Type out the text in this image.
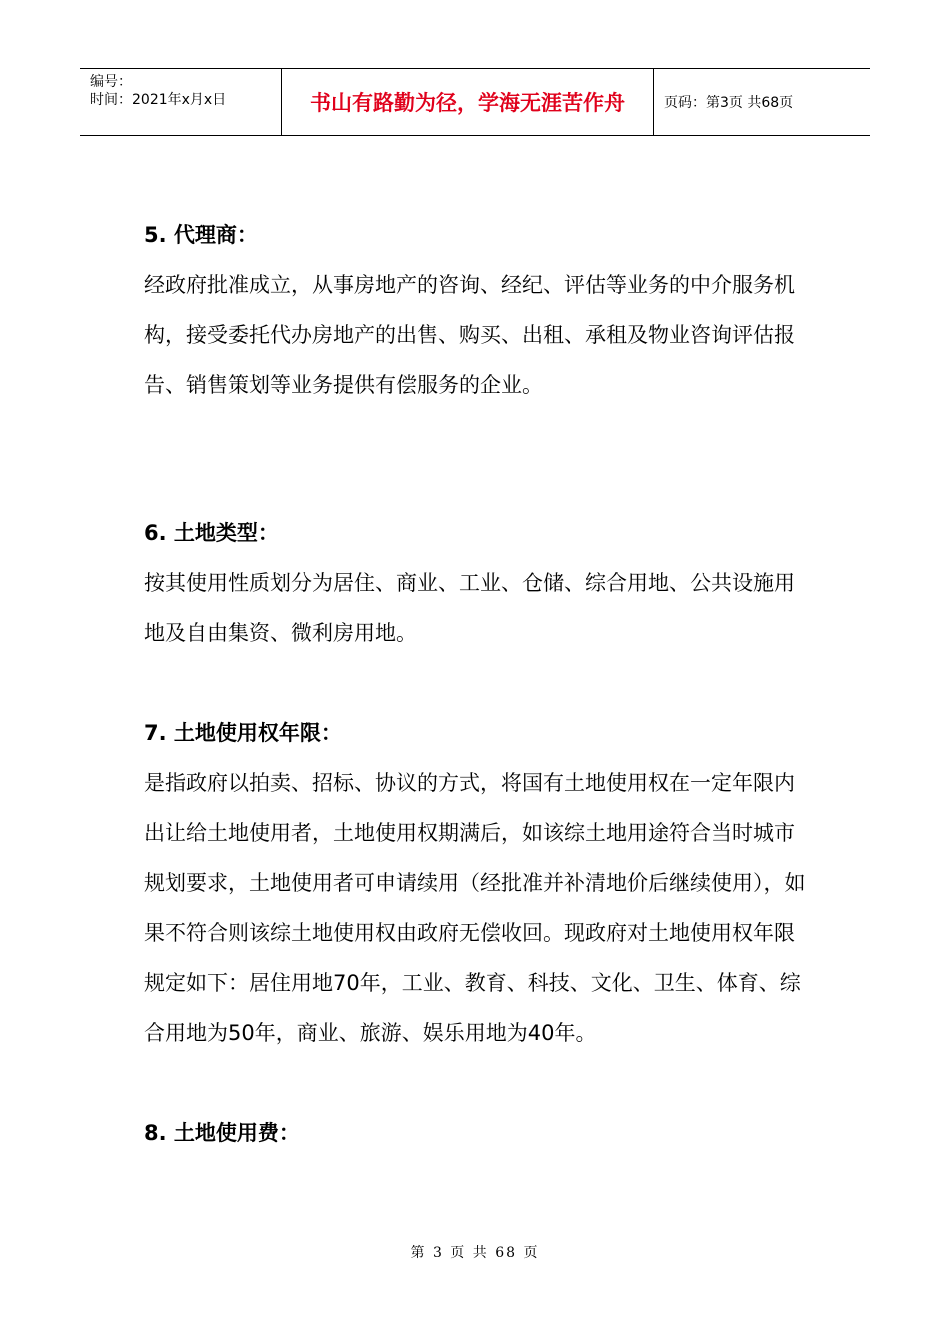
编号：
时间：2021年x月x日	书山有路勤为径，学海无涯苦作舟	页码：第3页 共68页

5. 代理商：

经政府批准成立，从事房地产的咨询、经纪、评估等业务的中介服务机构，接受委托代办房地产的出售、购买、出租、承租及物业咨询评估报告、销售策划等业务提供有偿服务的企业。

6. 土地类型：

按其使用性质划分为居住、商业、工业、仓储、综合用地、公共设施用地及自由集资、微利房用地。

7. 土地使用权年限：

是指政府以拍卖、招标、协议的方式，将国有土地使用权在一定年限内出让给土地使用者，土地使用权期满后，如该综土地用途符合当时城市规划要求，土地使用者可申请续用（经批准并补清地价后继续使用），如果不符合则该综土地使用权由政府无偿收回。现政府对土地使用权年限规定如下：居住用地70年，工业、教育、科技、文化、卫生、体育、综合用地为50年，商业、旅游、娱乐用地为40年。

8. 土地使用费：

第 3 页 共 68 页
